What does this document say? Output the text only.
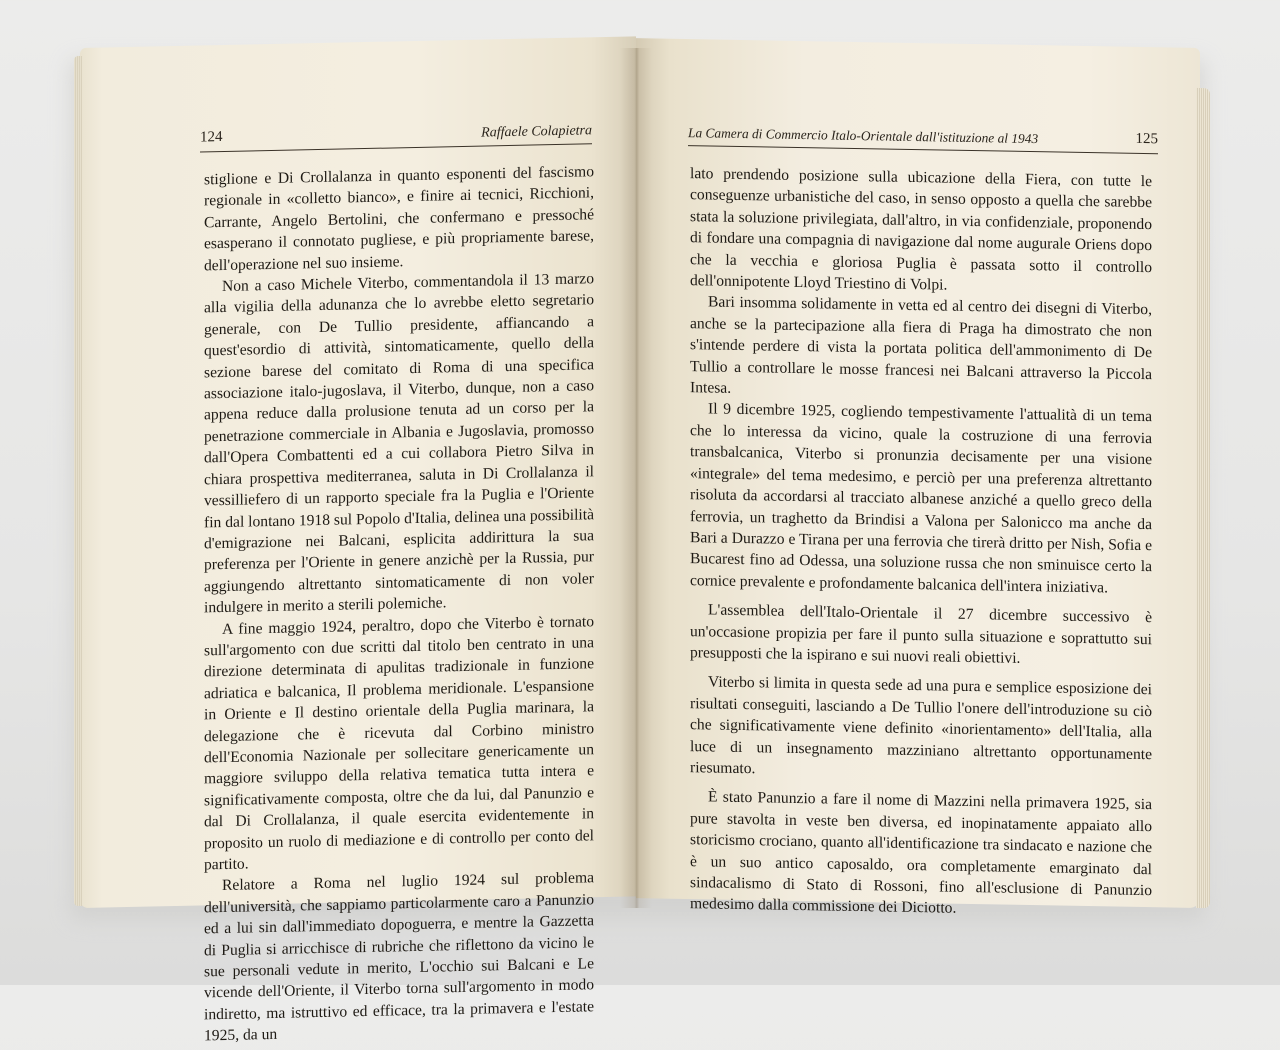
124	Raffaele Colapietra

stiglione e Di Crollalanza in quanto esponenti del fascismo regionale in «colletto bianco», e finire ai tecnici, Ricchioni, Carrante, Angelo Bertolini, che confermano e pressoché esasperano il connotato pugliese, e più propriamente barese, dell'operazione nel suo insieme.

Non a caso Michele Viterbo, commentandola il 13 marzo alla vigilia della adunanza che lo avrebbe eletto segretario generale, con De Tullio presidente, affiancando a quest'esordio di attività, sintomaticamente, quello della sezione barese del comitato di Roma di una specifica associazione italo-jugoslava, il Viterbo, dunque, non a caso appena reduce dalla prolusione tenuta ad un corso per la penetrazione commerciale in Albania e Jugoslavia, promosso dall'Opera Combattenti ed a cui collabora Pietro Silva in chiara prospettiva mediterranea, saluta in Di Crollalanza il vessilliefero di un rapporto speciale fra la Puglia e l'Oriente fin dal lontano 1918 sul Popolo d'Italia, delinea una possibilità d'emigrazione nei Balcani, esplicita addirittura la sua preferenza per l'Oriente in genere anzichè per la Russia, pur aggiungendo altrettanto sintomaticamente di non voler indulgere in merito a sterili polemiche.

A fine maggio 1924, peraltro, dopo che Viterbo è tornato sull'argomento con due scritti dal titolo ben centrato in una direzione determinata di apulitas tradizionale in funzione adriatica e balcanica, Il problema meridionale. L'espansione in Oriente e Il destino orientale della Puglia marinara, la delegazione che è ricevuta dal Corbino ministro dell'Economia Nazionale per sollecitare genericamente un maggiore sviluppo della relativa tematica tutta intera e significativamente composta, oltre che da lui, dal Panunzio e dal Di Crollalanza, il quale esercita evidentemente in proposito un ruolo di mediazione e di controllo per conto del partito.

Relatore a Roma nel luglio 1924 sul problema dell'università, che sappiamo particolarmente caro a Panunzio ed a lui sin dall'immediato dopoguerra, e mentre la Gazzetta di Puglia si arricchisce di rubriche che riflettono da vicino le sue personali vedute in merito, L'occhio sui Balcani e Le vicende dell'Oriente, il Viterbo torna sull'argomento in modo indiretto, ma istruttivo ed efficace, tra la primavera e l'estate 1925, da un

La Camera di Commercio Italo-Orientale dall'istituzione al 1943	125

lato prendendo posizione sulla ubicazione della Fiera, con tutte le conseguenze urbanistiche del caso, in senso opposto a quella che sarebbe stata la soluzione privilegiata, dall'altro, in via confidenziale, proponendo di fondare una compagnia di navigazione dal nome augurale Oriens dopo che la vecchia e gloriosa Puglia è passata sotto il controllo dell'onnipotente Lloyd Triestino di Volpi.

Bari insomma solidamente in vetta ed al centro dei disegni di Viterbo, anche se la partecipazione alla fiera di Praga ha dimostrato che non s'intende perdere di vista la portata politica dell'ammonimento di De Tullio a controllare le mosse francesi nei Balcani attraverso la Piccola Intesa.

Il 9 dicembre 1925, cogliendo tempestivamente l'attualità di un tema che lo interessa da vicino, quale la costruzione di una ferrovia transbalcanica, Viterbo si pronunzia decisamente per una visione «integrale» del tema medesimo, e perciò per una preferenza altrettanto risoluta da accordarsi al tracciato albanese anziché a quello greco della ferrovia, un traghetto da Brindisi a Valona per Salonicco ma anche da Bari a Durazzo e Tirana per una ferrovia che tirerà dritto per Nish, Sofia e Bucarest fino ad Odessa, una soluzione russa che non sminuisce certo la cornice prevalente e profondamente balcanica dell'intera iniziativa.

L'assemblea dell'Italo-Orientale il 27 dicembre successivo è un'occasione propizia per fare il punto sulla situazione e soprattutto sui presupposti che la ispirano e sui nuovi reali obiettivi.

Viterbo si limita in questa sede ad una pura e semplice esposizione dei risultati conseguiti, lasciando a De Tullio l'onere dell'introduzione su ciò che significativamente viene definito «inorientamento» dell'Italia, alla luce di un insegnamento mazziniano altrettanto opportunamente riesumato.

È stato Panunzio a fare il nome di Mazzini nella primavera 1925, sia pure stavolta in veste ben diversa, ed inopinatamente appaiato allo storicismo crociano, quanto all'identificazione tra sindacato e nazione che è un suo antico caposaldo, ora completamente emarginato dal sindacalismo di Stato di Rossoni, fino all'esclusione di Panunzio medesimo dalla commissione dei Diciotto.
